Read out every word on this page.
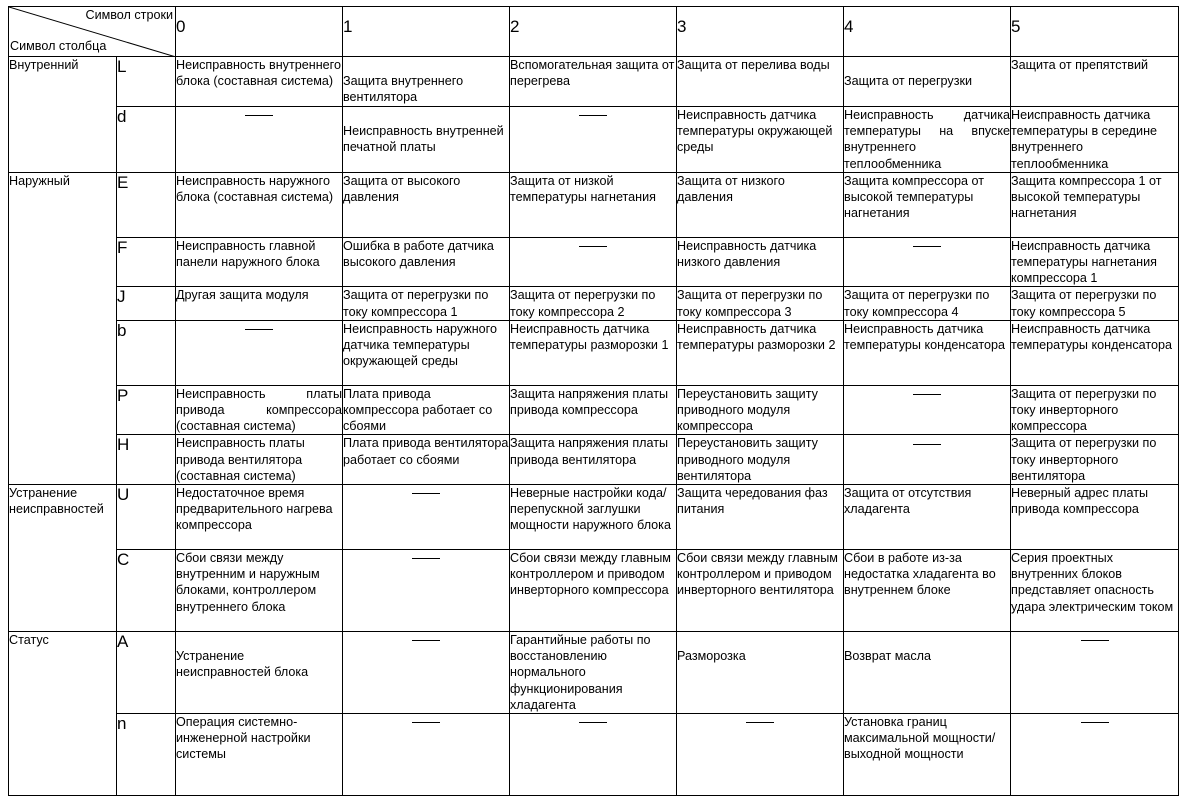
Символ строки
Символ столбца		0	1	2	3	4	5

Внутренний	L	Неисправность внутреннего блока (составная система)	Защита внутреннего вентилятора	Вспомогательная защита от перегрева	Защита от перелива воды	Защита от перегрузки	Защита от препятствий

	d		Неисправность внутренней печатной платы		Неисправность датчика температуры окружающей среды	Неисправность датчика температуры на впуске внутреннего теплообменника	Неисправность датчика температуры в середине внутреннего теплообменника
Наружный	E	Неисправность наружного блока (составная система)	Защита от высокого давления	Защита от низкой температуры нагнетания	Защита от низкого давления	Защита компрессора от высокой температуры нагнетания	Защита компрессора 1 от высокой температуры нагнетания

	F	Неисправность главной панели наружного блока	Ошибка в работе датчика высокого давления		Неисправность датчика низкого давления		Неисправность датчика температуры нагнетания компрессора 1

	J	Другая защита модуля	Защита от перегрузки по току компрессора 1	Защита от перегрузки по току компрессора 2	Защита от перегрузки по току компрессора 3	Защита от перегрузки по току компрессора 4	Защита от перегрузки по току компрессора 5

	b		Неисправность наружного датчика температуры окружающей среды	Неисправность датчика температуры разморозки 1	Неисправность датчика температуры разморозки 2	Неисправность датчика температуры конденсатора	Неисправность датчика температуры конденсатора

	P	Неисправность платы привода компрессора (составная система)	Плата привода компрессора работает со сбоями	Защита напряжения платы привода компрессора	Переустановить защиту приводного модуля компрессора		Защита от перегрузки по току инверторного компрессора

	H	Неисправность платы привода вентилятора (составная система)	Плата привода вентилятора работает со сбоями	Защита напряжения платы привода вентилятора	Переустановить защиту приводного модуля вентилятора		Защита от перегрузки по току инверторного вентилятора
Устранение неисправностей	U	Недостаточное время предварительного нагрева компрессора		Неверные настройки кода/перепускной заглушки мощности наружного блока	Защита чередования фаз питания	Защита от отсутствия хладагента	Неверный адрес платы привода компрессора

	C	Сбои связи между внутренним и наружным блоками, контроллером внутреннего блока		Сбои связи между главным контроллером и приводом инверторного компрессора	Сбои связи между главным контроллером и приводом инверторного вентилятора	Сбои в работе из-за недостатка хладагента во внутреннем блоке	Серия проектных внутренних блоков представляет опасность удара электрическим током
Статус	A	Устранение неисправностей блока		Гарантийные работы по восстановлению нормального функционирования хладагента	Разморозка	Возврат масла	

	n	Операция системно-инженерной настройки системы				Установка границ максимальной мощности/выходной мощности	
